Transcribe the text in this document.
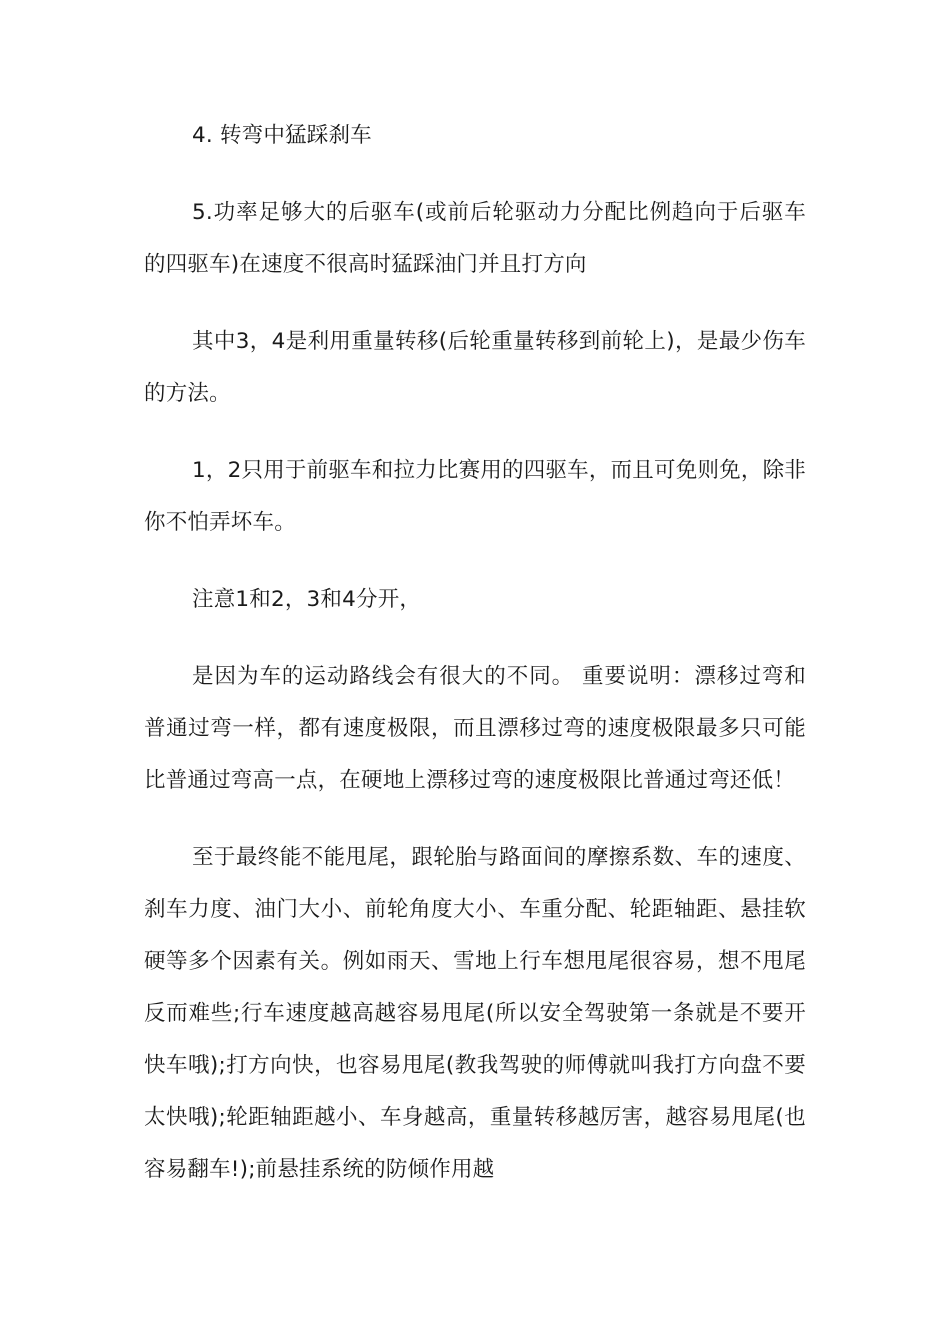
4. 转弯中猛踩刹车

5.功率足够大的后驱车(或前后轮驱动力分配比例趋向于后驱车的四驱车)在速度不很高时猛踩油门并且打方向

其中3，4是利用重量转移(后轮重量转移到前轮上)，是最少伤车的方法。

1，2只用于前驱车和拉力比赛用的四驱车，而且可免则免，除非你不怕弄坏车。

注意1和2，3和4分开，

是因为车的运动路线会有很大的不同。 重要说明：漂移过弯和普通过弯一样，都有速度极限，而且漂移过弯的速度极限最多只可能比普通过弯高一点，在硬地上漂移过弯的速度极限比普通过弯还低！

至于最终能不能甩尾，跟轮胎与路面间的摩擦系数、车的速度、刹车力度、油门大小、前轮角度大小、车重分配、轮距轴距、悬挂软硬等多个因素有关。例如雨天、雪地上行车想甩尾很容易，想不甩尾反而难些;行车速度越高越容易甩尾(所以安全驾驶第一条就是不要开快车哦);打方向快，也容易甩尾(教我驾驶的师傅就叫我打方向盘不要太快哦);轮距轴距越小、车身越高，重量转移越厉害，越容易甩尾(也容易翻车!);前悬挂系统的防倾作用越
